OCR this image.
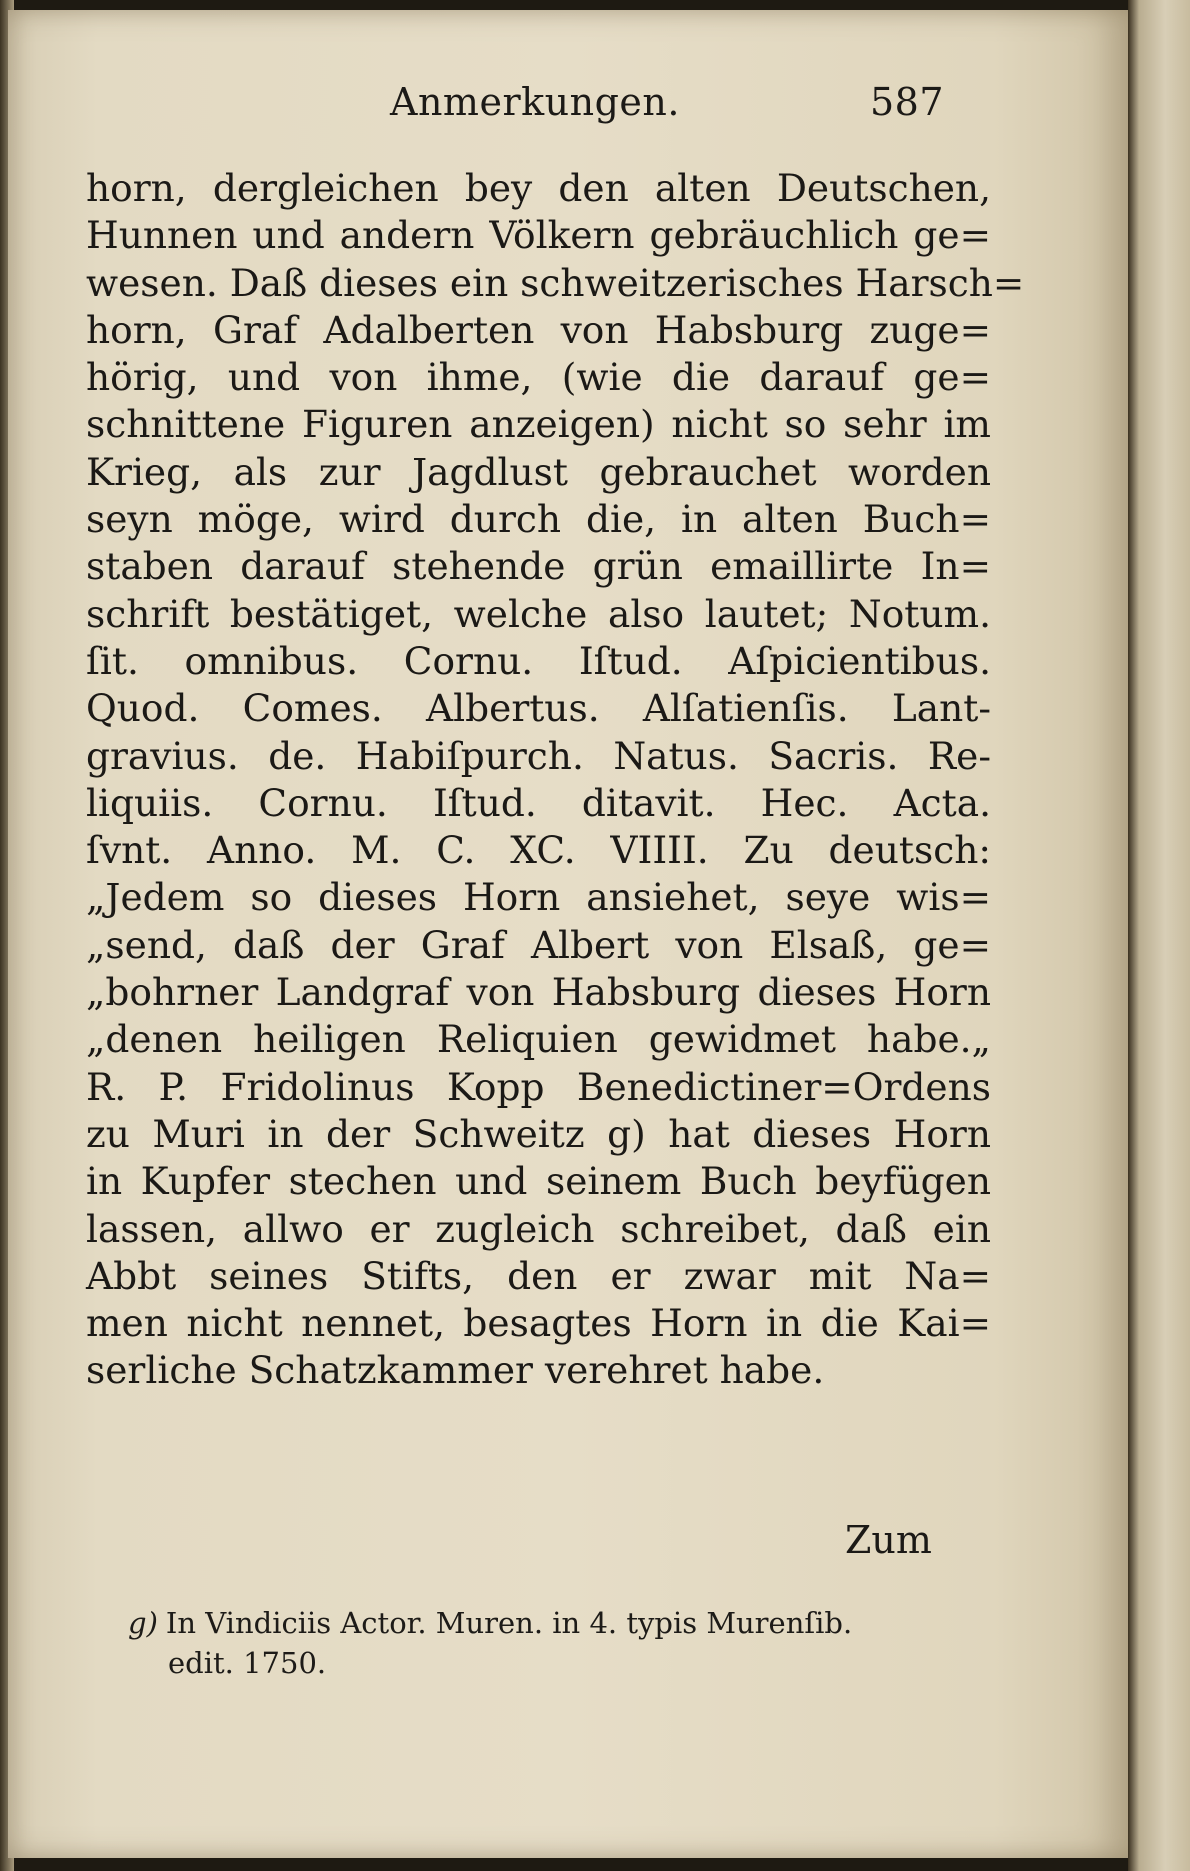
Anmerkungen.	587
horn, dergleichen bey den alten Deutschen,
Hunnen und andern Völkern gebräuchlich ge=
wesen. Daß dieses ein schweitzerisches Harsch=
horn, Graf Adalberten von Habsburg zuge=
hörig, und von ihme, (wie die darauf ge=
schnittene Figuren anzeigen) nicht so sehr im
Krieg, als zur Jagdlust gebrauchet worden
seyn möge, wird durch die, in alten Buch=
staben darauf stehende grün emaillirte In=
schrift bestätiget, welche also lautet; Notum.
ſit. omnibus. Cornu. Iſtud. Aſpicientibus.
Quod. Comes. Albertus. Alſatienſis. Lant-
gravius. de. Habiſpurch. Natus. Sacris. Re-
liquiis. Cornu. Iſtud. ditavit. Hec. Acta.
ſvnt. Anno. M. C. XC. VIIII. Zu deutsch:
„Jedem so dieses Horn ansiehet, seye wis=
„send, daß der Graf Albert von Elsaß, ge=
„bohrner Landgraf von Habsburg dieses Horn
„denen heiligen Reliquien gewidmet habe.„
R. P. Fridolinus Kopp Benedictiner=Ordens
zu Muri in der Schweitz g) hat dieses Horn
in Kupfer stechen und seinem Buch beyfügen
lassen, allwo er zugleich schreibet, daß ein
Abbt seines Stifts, den er zwar mit Na=
men nicht nennet, besagtes Horn in die Kai=
serliche Schatzkammer verehret habe.
Zum
g) In Vindiciis Actor. Muren. in 4. typis Murenſib.
edit. 1750.
